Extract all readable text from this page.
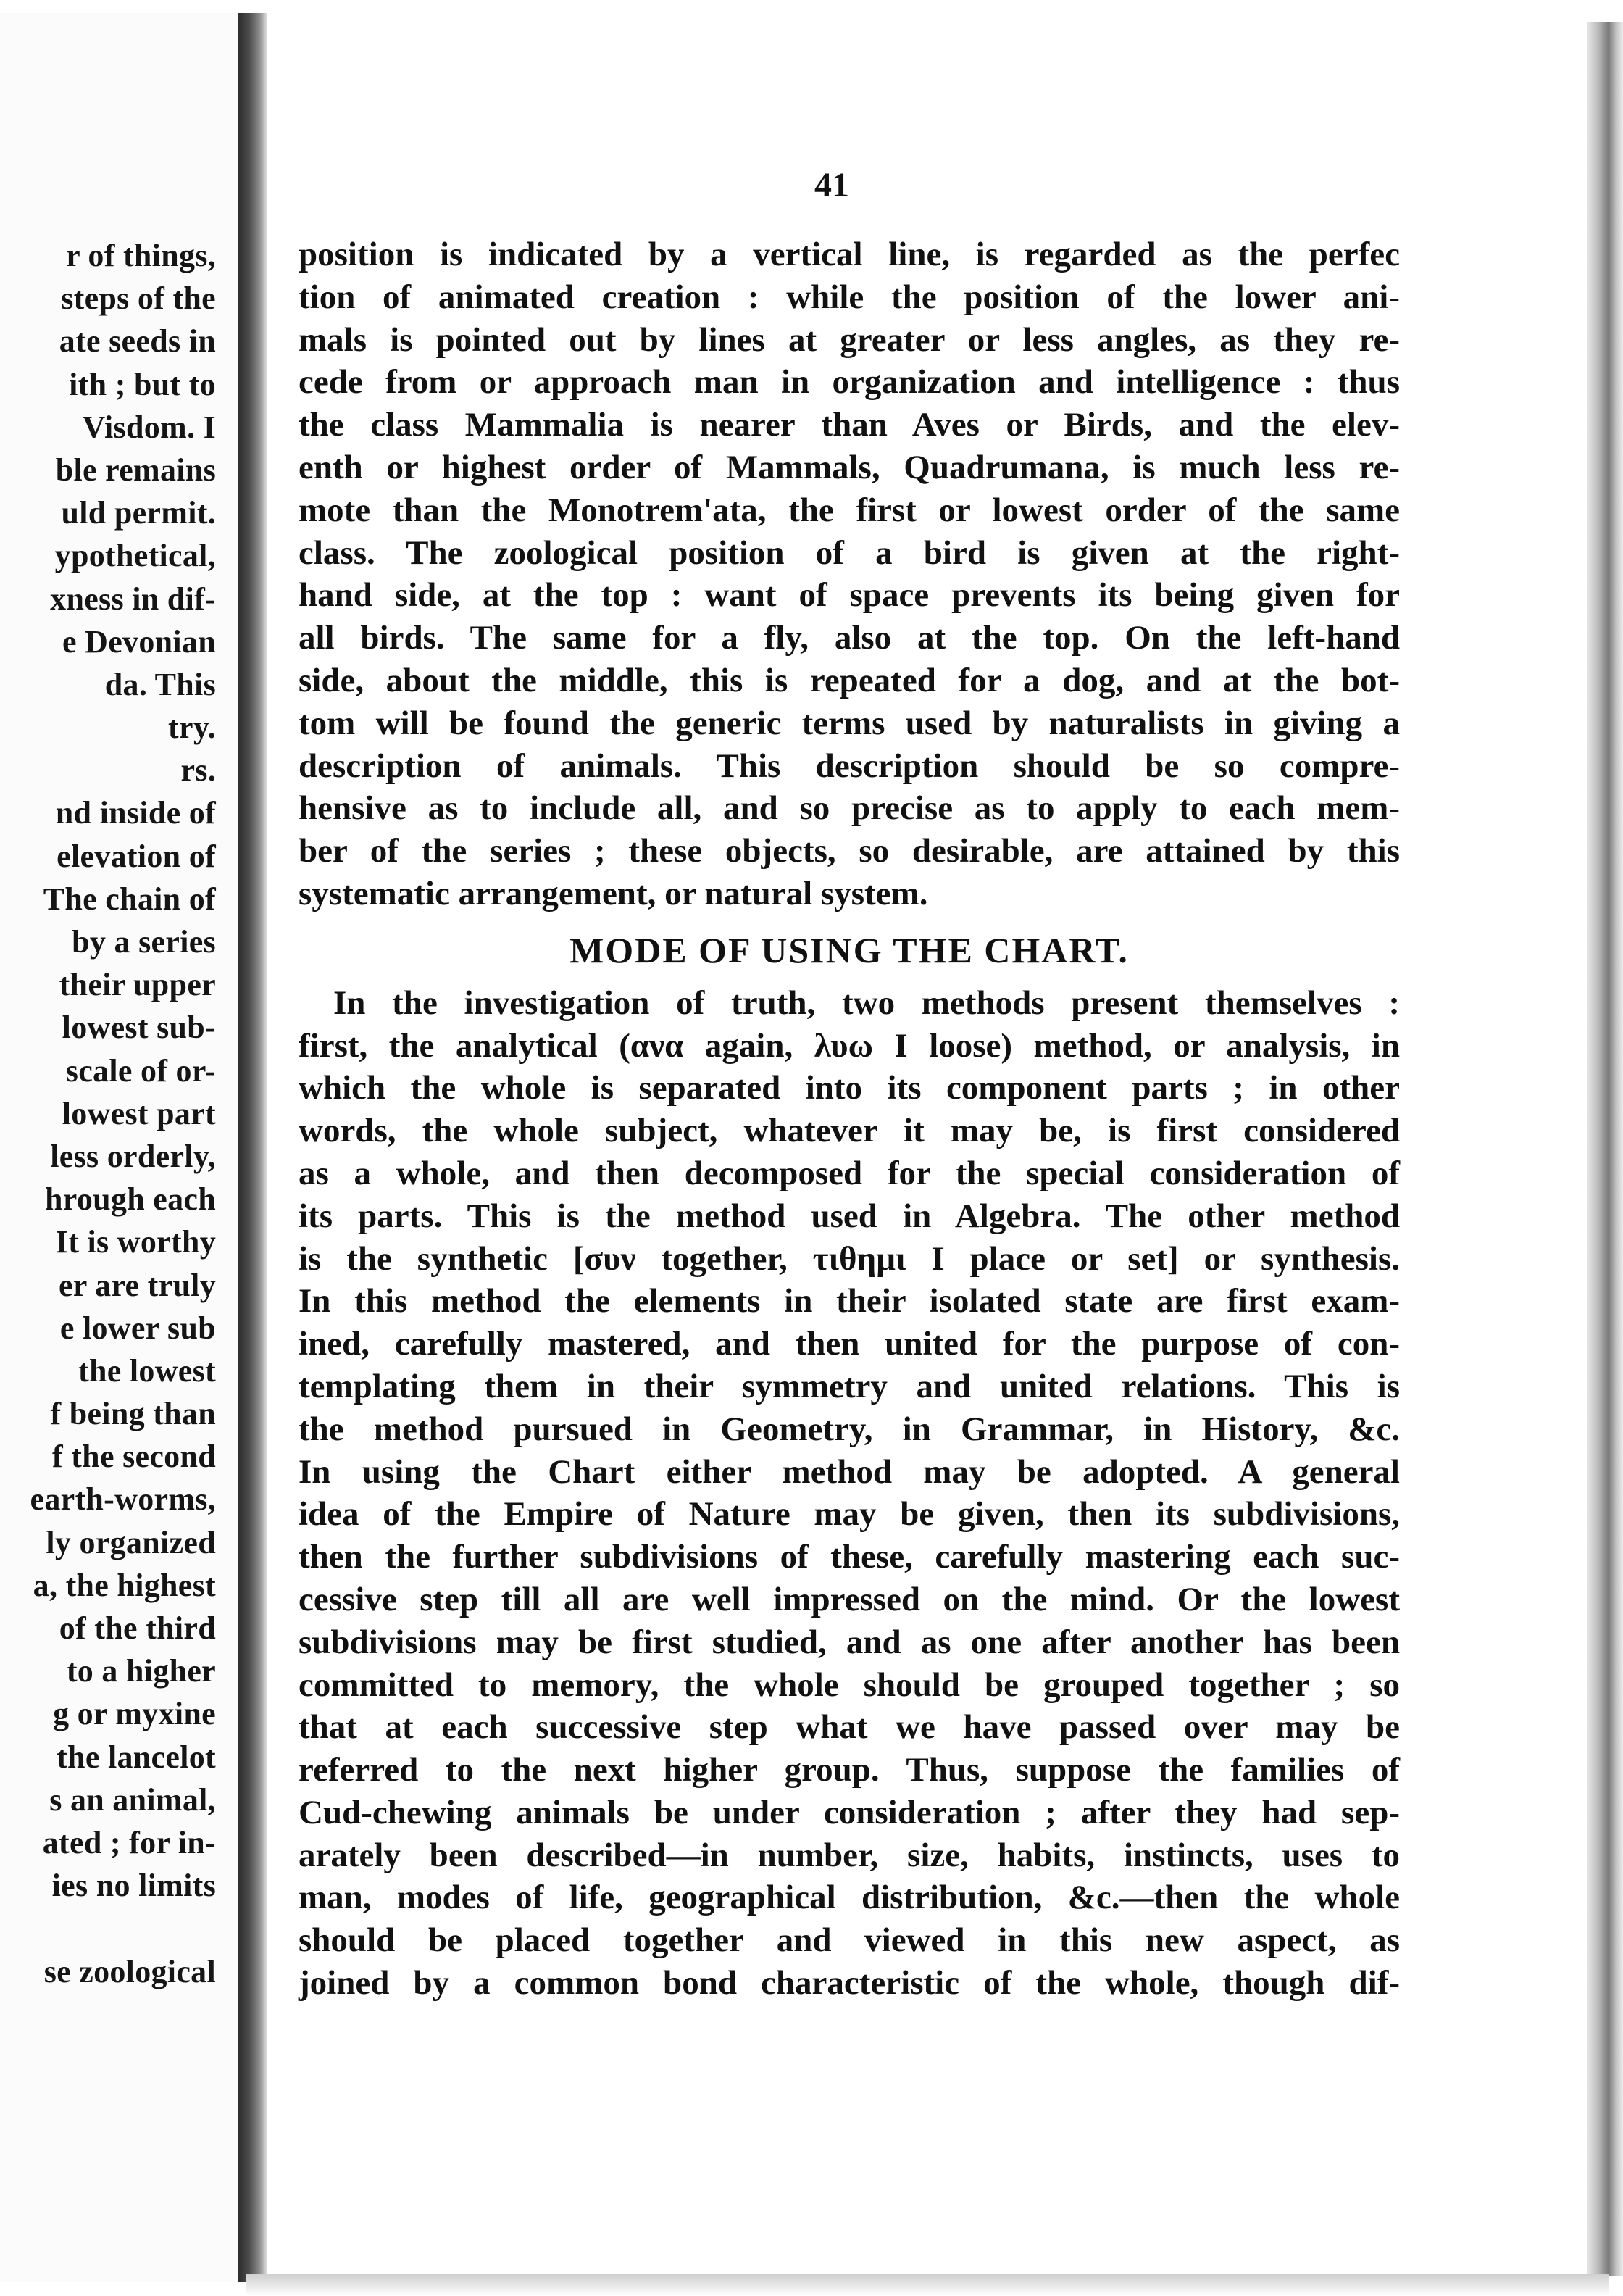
r of things,
steps of the
ate seeds in
ith ; but to
Visdom. I
ble remains
uld permit.
ypothetical,
xness in dif-
e Devonian
da. This
try.
rs.
nd inside of
elevation of
The chain of
by a series
their upper
lowest sub-
scale of or-
lowest part
less orderly,
hrough each
It is worthy
er are truly
e lower sub
the lowest
f being than
f the second
earth-worms,
ly organized
a, the highest
of the third
to a higher
g or myxine
the lancelot
s an animal,
ated ; for in-
ies no limits
se zoological
41
position is indicated by a vertical line, is regarded as the perfec
tion of animated creation : while the position of the lower ani-
mals is pointed out by lines at greater or less angles, as they re-
cede from or approach man in organization and intelligence : thus
the class Mammalia is nearer than Aves or Birds, and the elev-
enth or highest order of Mammals, Quadrumana, is much less re-
mote than the Monotrem'ata, the first or lowest order of the same
class. The zoological position of a bird is given at the right-
hand side, at the top : want of space prevents its being given for
all birds. The same for a fly, also at the top. On the left-hand
side, about the middle, this is repeated for a dog, and at the bot-
tom will be found the generic terms used by naturalists in giving a
description of animals. This description should be so compre-
hensive as to include all, and so precise as to apply to each mem-
ber of the series ; these objects, so desirable, are attained by this
systematic arrangement, or natural system.
MODE OF USING THE CHART.
In the investigation of truth, two methods present themselves :
first, the analytical (ανα again, λυω I loose) method, or analysis, in
which the whole is separated into its component parts ; in other
words, the whole subject, whatever it may be, is first considered
as a whole, and then decomposed for the special consideration of
its parts. This is the method used in Algebra. The other method
is the synthetic [συν together, τιθημι I place or set] or synthesis.
In this method the elements in their isolated state are first exam-
ined, carefully mastered, and then united for the purpose of con-
templating them in their symmetry and united relations. This is
the method pursued in Geometry, in Grammar, in History, &c.
In using the Chart either method may be adopted. A general
idea of the Empire of Nature may be given, then its subdivisions,
then the further subdivisions of these, carefully mastering each suc-
cessive step till all are well impressed on the mind. Or the lowest
subdivisions may be first studied, and as one after another has been
committed to memory, the whole should be grouped together ; so
that at each successive step what we have passed over may be
referred to the next higher group. Thus, suppose the families of
Cud-chewing animals be under consideration ; after they had sep-
arately been described—in number, size, habits, instincts, uses to
man, modes of life, geographical distribution, &c.—then the whole
should be placed together and viewed in this new aspect, as
joined by a common bond characteristic of the whole, though dif-
